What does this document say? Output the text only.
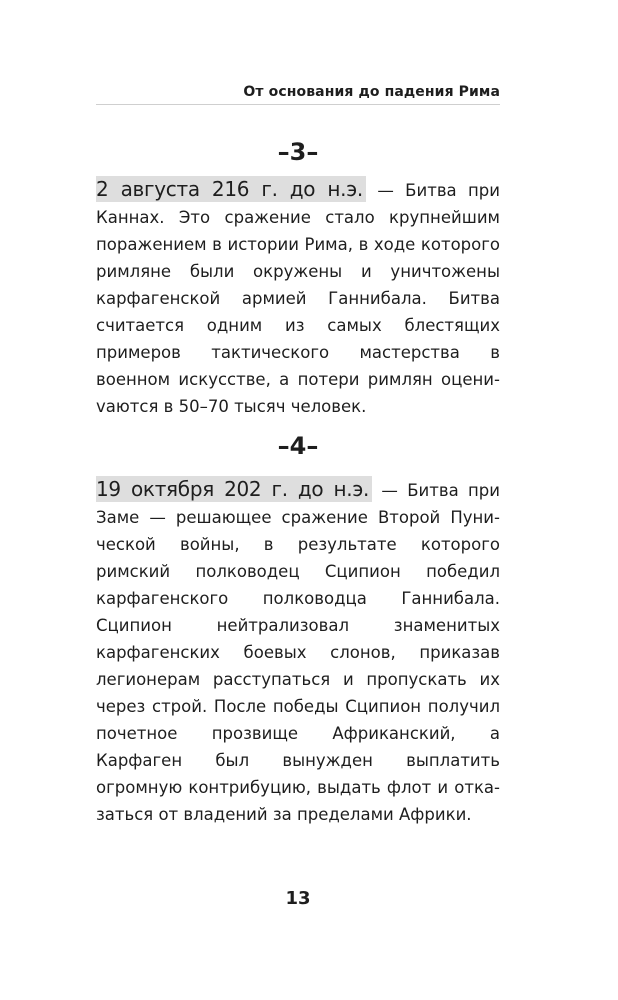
От основания до падения Рима
–3–

2 августа 216 г. до н.э. — Битва при Каннах. Это сражение стало крупнейшим поражением в истории Рима, в ходе которого римляне были окружены и уничтожены карфагенской армией Ганнибала. Битва считается одним из самых блестящих примеров тактического мастерства в военном искусстве, а потери римлян оцениvаются в 50–70 тысяч человек.

–4–

19 октября 202 г. до н.э. — Битва при Заме — решающее сражение Второй Пунической войны, в результате которого римский полководец Сципион победил карфагенского полководца Ганнибала. Сципион нейтрализовал знаменитых карфагенских боевых слонов, приказав легионерам расступаться и пропускать их через строй. После победы Сципион получил почетное прозвище Африканский, а Карфаген был вынужден выплатить огромную контрибуцию, выдать флот и отказаться от владений за пределами Африки.

13
